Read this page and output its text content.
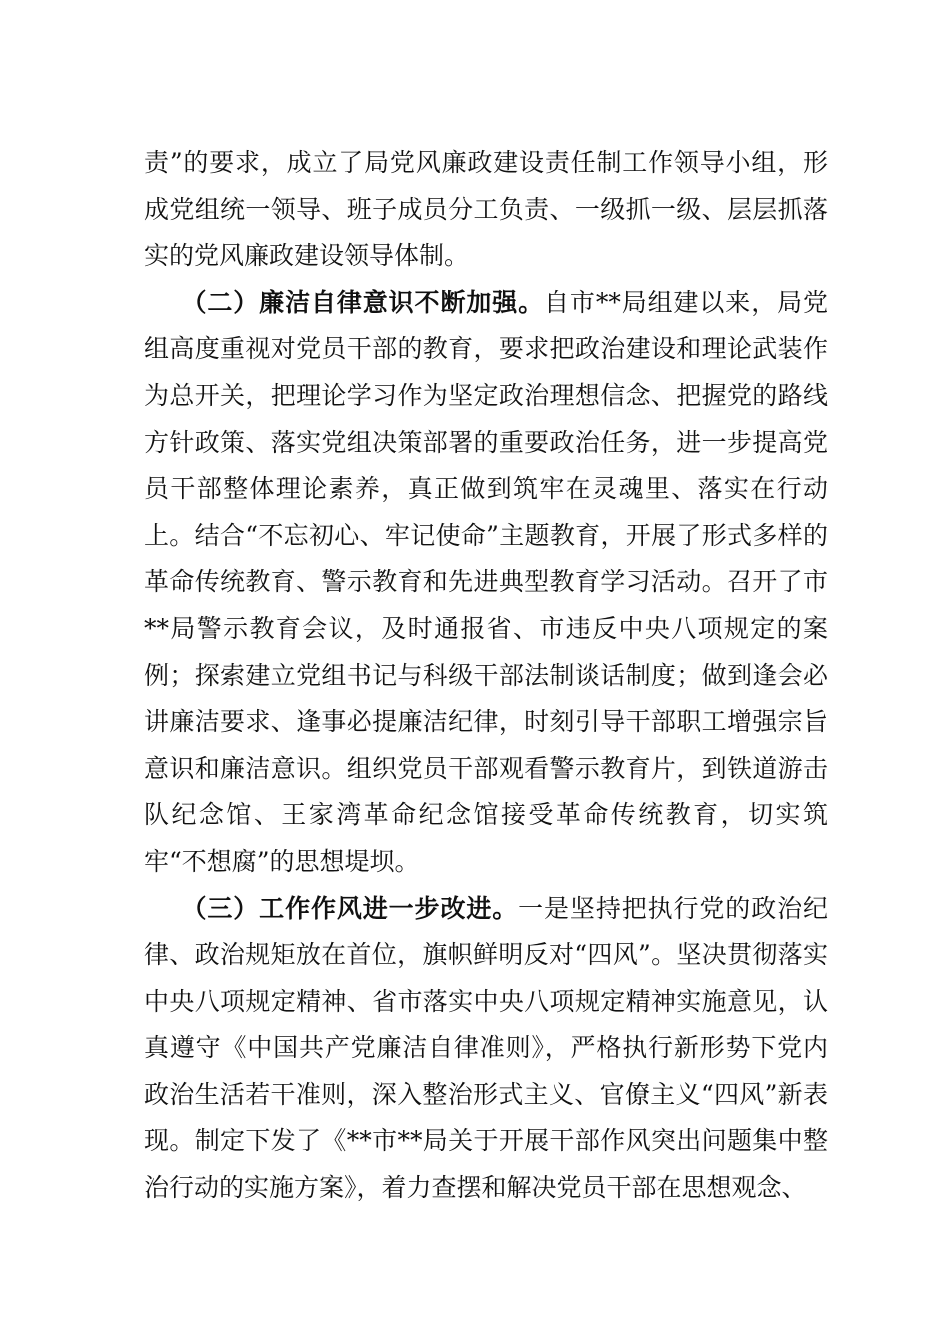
责”的要求，成立了局党风廉政建设责任制工作领导小组，形成党组统一领导、班子成员分工负责、一级抓一级、层层抓落实的党风廉政建设领导体制。

（二）廉洁自律意识不断加强。自市**局组建以来，局党组高度重视对党员干部的教育，要求把政治建设和理论武装作为总开关，把理论学习作为坚定政治理想信念、把握党的路线方针政策、落实党组决策部署的重要政治任务，进一步提高党员干部整体理论素养，真正做到筑牢在灵魂里、落实在行动上。结合“不忘初心、牢记使命”主题教育，开展了形式多样的革命传统教育、警示教育和先进典型教育学习活动。召开了市**局警示教育会议，及时通报省、市违反中央八项规定的案例；探索建立党组书记与科级干部法制谈话制度；做到逢会必讲廉洁要求、逢事必提廉洁纪律，时刻引导干部职工增强宗旨意识和廉洁意识。组织党员干部观看警示教育片，到铁道游击队纪念馆、王家湾革命纪念馆接受革命传统教育，切实筑牢“不想腐”的思想堤坝。

（三）工作作风进一步改进。一是坚持把执行党的政治纪律、政治规矩放在首位，旗帜鲜明反对“四风”。坚决贯彻落实中央八项规定精神、省市落实中央八项规定精神实施意见，认真遵守《中国共产党廉洁自律准则》，严格执行新形势下党内政治生活若干准则，深入整治形式主义、官僚主义“四风”新表现。制定下发了《**市**局关于开展干部作风突出问题集中整治行动的实施方案》，着力查摆和解决党员干部在思想观念、
